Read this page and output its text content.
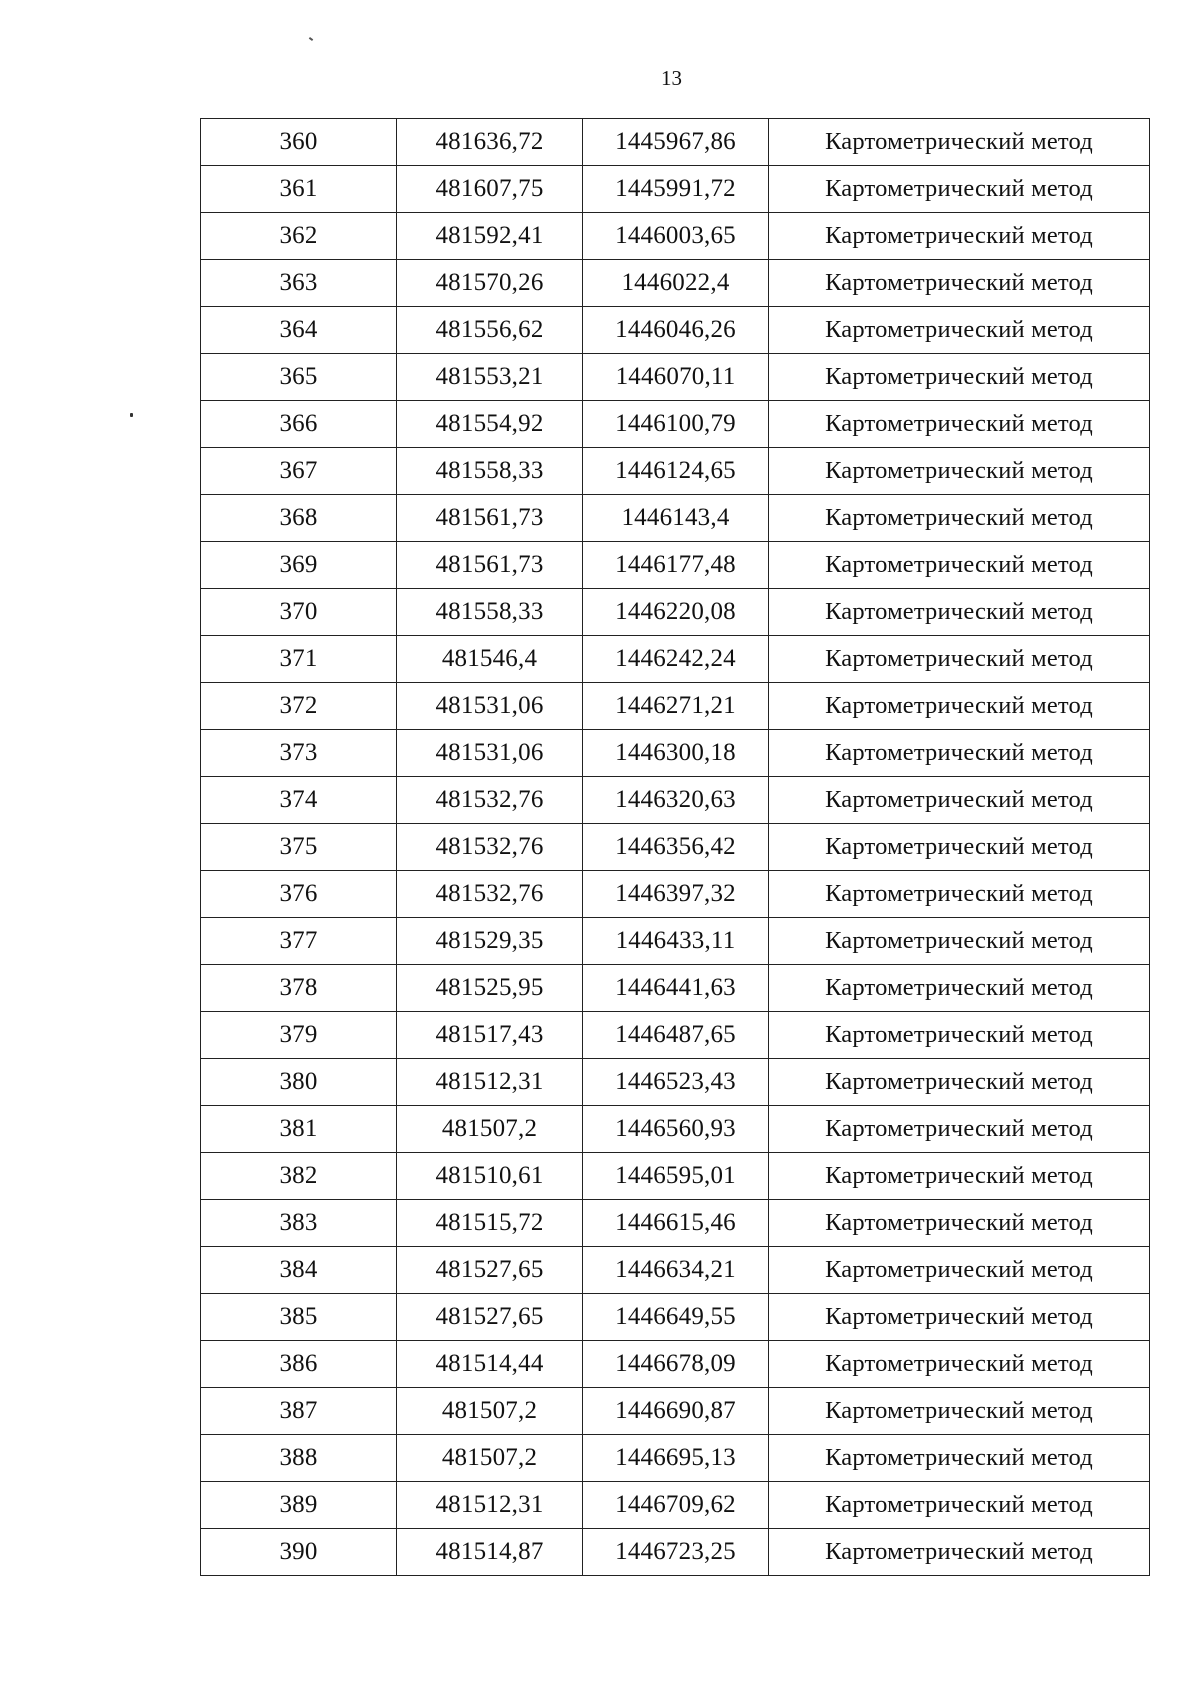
13
360	481636,72	1445967,86	Картометрический метод
361	481607,75	1445991,72	Картометрический метод
362	481592,41	1446003,65	Картометрический метод
363	481570,26	1446022,4	Картометрический метод
364	481556,62	1446046,26	Картометрический метод
365	481553,21	1446070,11	Картометрический метод
366	481554,92	1446100,79	Картометрический метод
367	481558,33	1446124,65	Картометрический метод
368	481561,73	1446143,4	Картометрический метод
369	481561,73	1446177,48	Картометрический метод
370	481558,33	1446220,08	Картометрический метод
371	481546,4	1446242,24	Картометрический метод
372	481531,06	1446271,21	Картометрический метод
373	481531,06	1446300,18	Картометрический метод
374	481532,76	1446320,63	Картометрический метод
375	481532,76	1446356,42	Картометрический метод
376	481532,76	1446397,32	Картометрический метод
377	481529,35	1446433,11	Картометрический метод
378	481525,95	1446441,63	Картометрический метод
379	481517,43	1446487,65	Картометрический метод
380	481512,31	1446523,43	Картометрический метод
381	481507,2	1446560,93	Картометрический метод
382	481510,61	1446595,01	Картометрический метод
383	481515,72	1446615,46	Картометрический метод
384	481527,65	1446634,21	Картометрический метод
385	481527,65	1446649,55	Картометрический метод
386	481514,44	1446678,09	Картометрический метод
387	481507,2	1446690,87	Картометрический метод
388	481507,2	1446695,13	Картометрический метод
389	481512,31	1446709,62	Картометрический метод
390	481514,87	1446723,25	Картометрический метод
